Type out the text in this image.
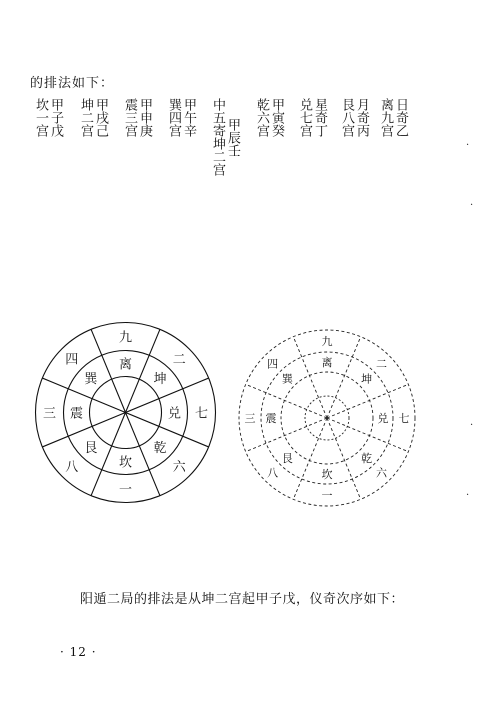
的排法如下：
日奇乙
离九宫
月奇丙
艮八宫
星奇丁
兑七宫
甲寅癸
乾六宫
甲辰壬
中五寄坤二宫
甲午辛
巽四宫
甲申庚
震三宫
甲戌己
坤二宫
甲子戊
坎一宫
九
离	二
坤
七
兑
六
乾
一
坎
八
艮
三 震
四
巽
九
离	二
坤
七
兑
六
乾
一
坎
八
艮
三 震
四
巽
阳遁二局的排法是从坤二宫起甲子戊，仪奇次序如下：
· 12 ·
·
·
·
·
